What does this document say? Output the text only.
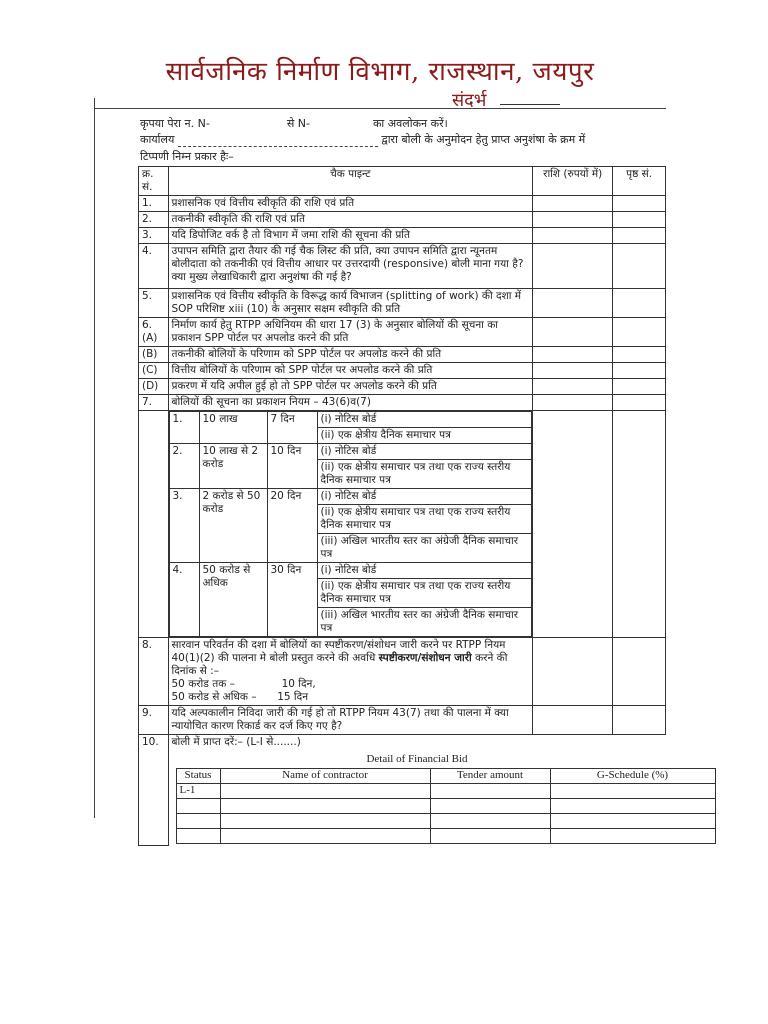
सार्वजनिक निर्माण विभाग, राजस्थान, जयपुर
संदर्भ
कृपया पेरा न. N-	से N-	का अवलोकन करें।
कार्यालय	द्वारा बोली के अनुमोदन हेतु प्राप्त अनुशंषा के क्रम में
टिप्पणी निम्न प्रकार हैः–
क्र. सं.	चैक पाइन्ट	राशि (रुपयों में)	पृष्ठ सं.
1.	प्रशासनिक एवं वित्तीय स्वीकृति की राशि एवं प्रति		
2.	तकनीकी स्वीकृति की राशि एवं प्रति		
3.	यदि डिपोजिट वर्क है तो विभाग में जमा राशि की सूचना की प्रति		
4.	उपापन समिति द्वारा तैयार की गई चैक लिस्ट की प्रति, क्या उपापन समिति द्वारा न्यूनतम बोलीदाता को तकनीकी एवं वित्तीय आधार पर उत्तरदायी (responsive) बोली माना गया है? क्या मुख्य लेखाधिकारी द्वारा अनुशंषा की गई है?		
5.	प्रशासनिक एवं वित्तीय स्वीकृति के विरूद्ध कार्य विभाजन (splitting of work) की दशा में SOP परिशिष्ट xiii (10) के अनुसार सक्षम स्वीकृति की प्रति		
6. (A)	निर्माण कार्य हेतु RTPP अधिनियम की धारा 17 (3) के अनुसार बोलियों की सूचना का प्रकाशन SPP पोर्टल पर अपलोड करने की प्रति		
(B)	तकनीकी बोलियों के परिणाम को SPP पोर्टल पर अपलोड करने की प्रति		
(C)	वित्तीय बोलियों के परिणाम को SPP पोर्टल पर अपलोड करने की प्रति		
(D)	प्रकरण में यदि अपील हुई हो तो SPP पोर्टल पर अपलोड करने की प्रति		
7.	बोलियों की सूचना का प्रकाशन नियम – 43(6)व(7)		

1.	10 लाख	7 दिन	(i) नोटिस बोर्ड
(ii) एक क्षेत्रीय दैनिक समाचार पत्र
2.	10 लाख से 2 करोड	10 दिन	(i) नोटिस बोर्ड
(ii) एक क्षेत्रीय समाचार पत्र तथा एक राज्य स्तरीय दैनिक समाचार पत्र
3.	2 करोड से 50 करोड	20 दिन	(i) नोटिस बोर्ड
(ii) एक क्षेत्रीय समाचार पत्र तथा एक राज्य स्तरीय दैनिक समाचार पत्र
(iii) अखिल भारतीय स्तर का अंग्रेजी दैनिक समाचार पत्र
4.	50 करोड से अधिक	30 दिन	(i) नोटिस बोर्ड
(ii) एक क्षेत्रीय समाचार पत्र तथा एक राज्य स्तरीय दैनिक समाचार पत्र
(iii) अखिल भारतीय स्तर का अंग्रेजी दैनिक समाचार पत्र

8.	सारवान परिवर्तन की दशा में बोलियों का स्पष्टीकरण/संशोधन जारी करने पर RTPP नियम 40(1)(2) की पालना मे बोली प्रस्तुत करने की अवधि स्पष्टीकरण/संशोधन जारी करने की दिनांक से :–
50 करोड तक –	10 दिन,
50 करोड से अधिक – 15 दिन		
9.	यदि अल्पकालीन निविदा जारी की गई हो तो RTPP नियम 43(7) तथा की पालना में क्या न्यायोचित कारण रिकार्ड कर दर्ज किए गए है?		
10.	बोली में प्राप्त दरें:– (L-I से.......)
Detail of Financial Bid
Status	Name of contractor	Tender amount	G-Schedule (%)
L-1			
